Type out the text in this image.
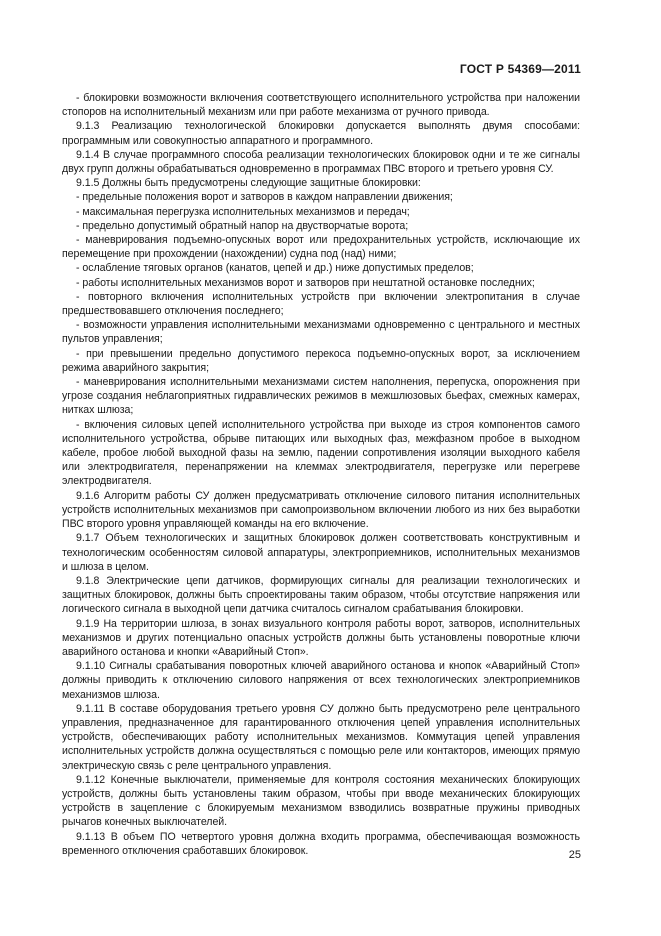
ГОСТ Р 54369—2011

- блокировки возможности включения соответствующего исполнительного устройства при наложении стопоров на исполнительный механизм или при работе механизма от ручного привода.

9.1.3 Реализацию технологической блокировки допускается выполнять двумя способами: программным или совокупностью аппаратного и программного.

9.1.4 В случае программного способа реализации технологических блокировок одни и те же сигналы двух групп должны обрабатываться одновременно в программах ПВС второго и третьего уровня СУ.

9.1.5 Должны быть предусмотрены следующие защитные блокировки:

- предельные положения ворот и затворов в каждом направлении движения;

- максимальная перегрузка исполнительных механизмов и передач;

- предельно допустимый обратный напор на двустворчатые ворота;

- маневрирования подъемно-опускных ворот или предохранительных устройств, исключающие их перемещение при прохождении (нахождении) судна под (над) ними;

- ослабление тяговых органов (канатов, цепей и др.) ниже допустимых пределов;

- работы исполнительных механизмов ворот и затворов при нештатной остановке последних;

- повторного включения исполнительных устройств при включении электропитания в случае предшествовавшего отключения последнего;

- возможности управления исполнительными механизмами одновременно с центрального и местных пультов управления;

- при превышении предельно допустимого перекоса подъемно-опускных ворот, за исключением режима аварийного закрытия;

- маневрирования исполнительными механизмами систем наполнения, перепуска, опорожнения при угрозе создания неблагоприятных гидравлических режимов в межшлюзовых бьефах, смежных камерах, нитках шлюза;

- включения силовых цепей исполнительного устройства при выходе из строя компонентов самого исполнительного устройства, обрыве питающих или выходных фаз, межфазном пробое в выходном кабеле, пробое любой выходной фазы на землю, падении сопротивления изоляции выходного кабеля или электродвигателя, перенапряжении на клеммах электродвигателя, перегрузке или перегреве электродвигателя.

9.1.6 Алгоритм работы СУ должен предусматривать отключение силового питания исполнительных устройств исполнительных механизмов при самопроизвольном включении любого из них без выработки ПВС второго уровня управляющей команды на его включение.

9.1.7 Объем технологических и защитных блокировок должен соответствовать конструктивным и технологическим особенностям силовой аппаратуры, электроприемников, исполнительных механизмов и шлюза в целом.

9.1.8 Электрические цепи датчиков, формирующих сигналы для реализации технологических и защитных блокировок, должны быть спроектированы таким образом, чтобы отсутствие напряжения или логического сигнала в выходной цепи датчика считалось сигналом срабатывания блокировки.

9.1.9 На территории шлюза, в зонах визуального контроля работы ворот, затворов, исполнительных механизмов и других потенциально опасных устройств должны быть установлены поворотные ключи аварийного останова и кнопки «Аварийный Стоп».

9.1.10 Сигналы срабатывания поворотных ключей аварийного останова и кнопок «Аварийный Стоп» должны приводить к отключению силового напряжения от всех технологических электроприемников механизмов шлюза.

9.1.11 В составе оборудования третьего уровня СУ должно быть предусмотрено реле центрального управления, предназначенное для гарантированного отключения цепей управления исполнительных устройств, обеспечивающих работу исполнительных механизмов. Коммутация цепей управления исполнительных устройств должна осуществляться с помощью реле или контакторов, имеющих прямую электрическую связь с реле центрального управления.

9.1.12 Конечные выключатели, применяемые для контроля состояния механических блокирующих устройств, должны быть установлены таким образом, чтобы при вводе механических блокирующих устройств в зацепление с блокируемым механизмом взводились возвратные пружины приводных рычагов конечных выключателей.

9.1.13 В объем ПО четвертого уровня должна входить программа, обеспечивающая возможность временного отключения сработавших блокировок.	25
